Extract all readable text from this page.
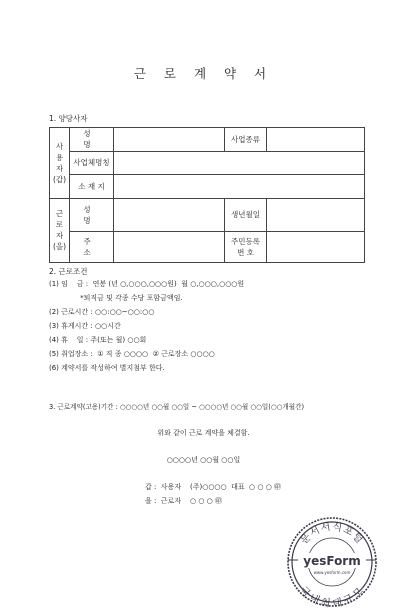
근 로 계 약 서
1. 양당사자
사
용
자
(갑)	성 명		사업종류	
	사업체명칭			
	소 재 지			
근
로
자
(을)	성 명		생년월일	
	주 소		주민등록
번 호	
2. 근로조건
(1) 임    금 :  연봉 (년 ○,○○○,○○○원)  월 ○,○○○,○○○원
*퇴직금 및 각종 수당 포함금액임.
(2) 근로시간 : ○○:○○~○○:○○
(3) 휴게시간 : ○○시간
(4) 휴    일 : 주(또는 월) ○○회
(5) 취업장소 :  ① 직 종 ○○○○  ② 근로장소 ○○○○
(6) 계약서를 작성하여 별지첨부 한다.
3. 근로계약(고용)기간 : ○○○○년 ○○월 ○○일 ~ ○○○○년 ○○월 ○○일(○○개월간)
위와 같이 근로 계약을 체결함.
○○○○년 ○○월 ○○일
갑 :  사용자    (주)○○○○  대표  ○ ○ ○ ㊞
을 :  근로자    ○ ○ ○ ㊞
문서서식포털
국내최대규모
yesForm
www.yesform.com
